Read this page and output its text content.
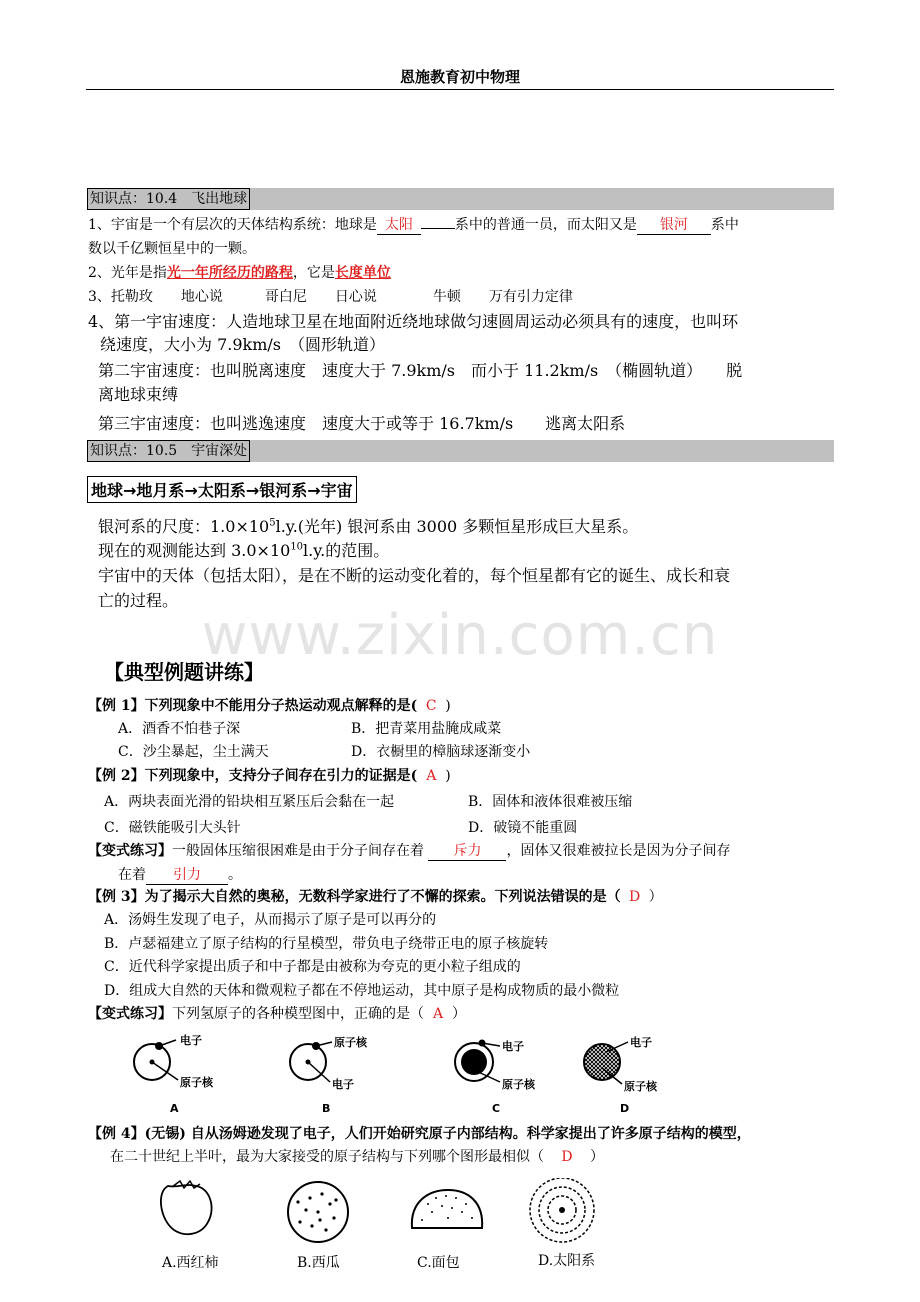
恩施教育初中物理
知识点：10.4　飞出地球
1、宇宙是一个有层次的天体结构系统：地球是 太阳	系中的普通一员，而太阳又是 银河 系中
数以千亿颗恒星中的一颗。
2、光年是指光一年所经历的路程，它是长度单位
3、托勒玫　　地心说　　　哥白尼　　日心说　　　　牛顿　　万有引力定律
4、第一宇宙速度：人造地球卫星在地面附近绕地球做匀速圆周运动必须具有的速度，也叫环
绕速度，大小为 7.9km/s　（圆形轨道）
第二宇宙速度：也叫脱离速度　速度大于 7.9km/s　而小于 11.2km/s　（椭圆轨道）　　脱
离地球束缚
第三宇宙速度：也叫逃逸速度　速度大于或等于 16.7km/s　　逃离太阳系
知识点：10.5　宇宙深处
地球→地月系→太阳系→银河系→宇宙
银河系的尺度：$1.0\times 10^5l.y$.(光年) 银河系由 3000 多颗恒星形成巨大星系。
现在的观测能达到 $3.0\times 10^{10}l.y$.的范围。
宇宙中的天体（包括太阳），是在不断的运动变化着的，每个恒星都有它的诞生、成长和衰
亡的过程。
www.zixin.com.cn
【典型例题讲练】
【例 1】下列现象中不能用分子热运动观点解释的是( C )
A．酒香不怕巷子深	B．把青菜用盐腌成咸菜
C．沙尘暴起，尘土满天	D．衣橱里的樟脑球逐渐变小
【例 2】下列现象中，支持分子间存在引力的证据是( A )
A．两块表面光滑的铅块相互紧压后会黏在一起	B．固体和液体很难被压缩
C．磁铁能吸引大头针	D．破镜不能重圆
【变式练习】一般固体压缩很困难是由于分子间存在着 斥力 ，固体又很难被拉长是因为分子间存
在着 引力 。
【例 3】为了揭示大自然的奥秘，无数科学家进行了不懈的探索。下列说法错误的是（ D ）
A．汤姆生发现了电子，从而揭示了原子是可以再分的
B．卢瑟福建立了原子结构的行星模型，带负电子绕带正电的原子核旋转
C．近代科学家提出质子和中子都是由被称为夸克的更小粒子组成的
D．组成大自然的天体和微观粒子都在不停地运动，其中原子是构成物质的最小微粒
【变式练习】下列氢原子的各种模型图中，正确的是（ A ）
电子
原子核
A
原子核
电子
B
电子
原子核
C
电子
原子核
D
【例 4】(无锡) 自从汤姆逊发现了电子，人们开始研究原子内部结构。科学家提出了许多原子结构的模型，
在二十世纪上半叶，最为大家接受的原子结构与下列哪个图形最相似（ D ）
A.西红柿	B.西瓜	C.面包	D.太阳系
